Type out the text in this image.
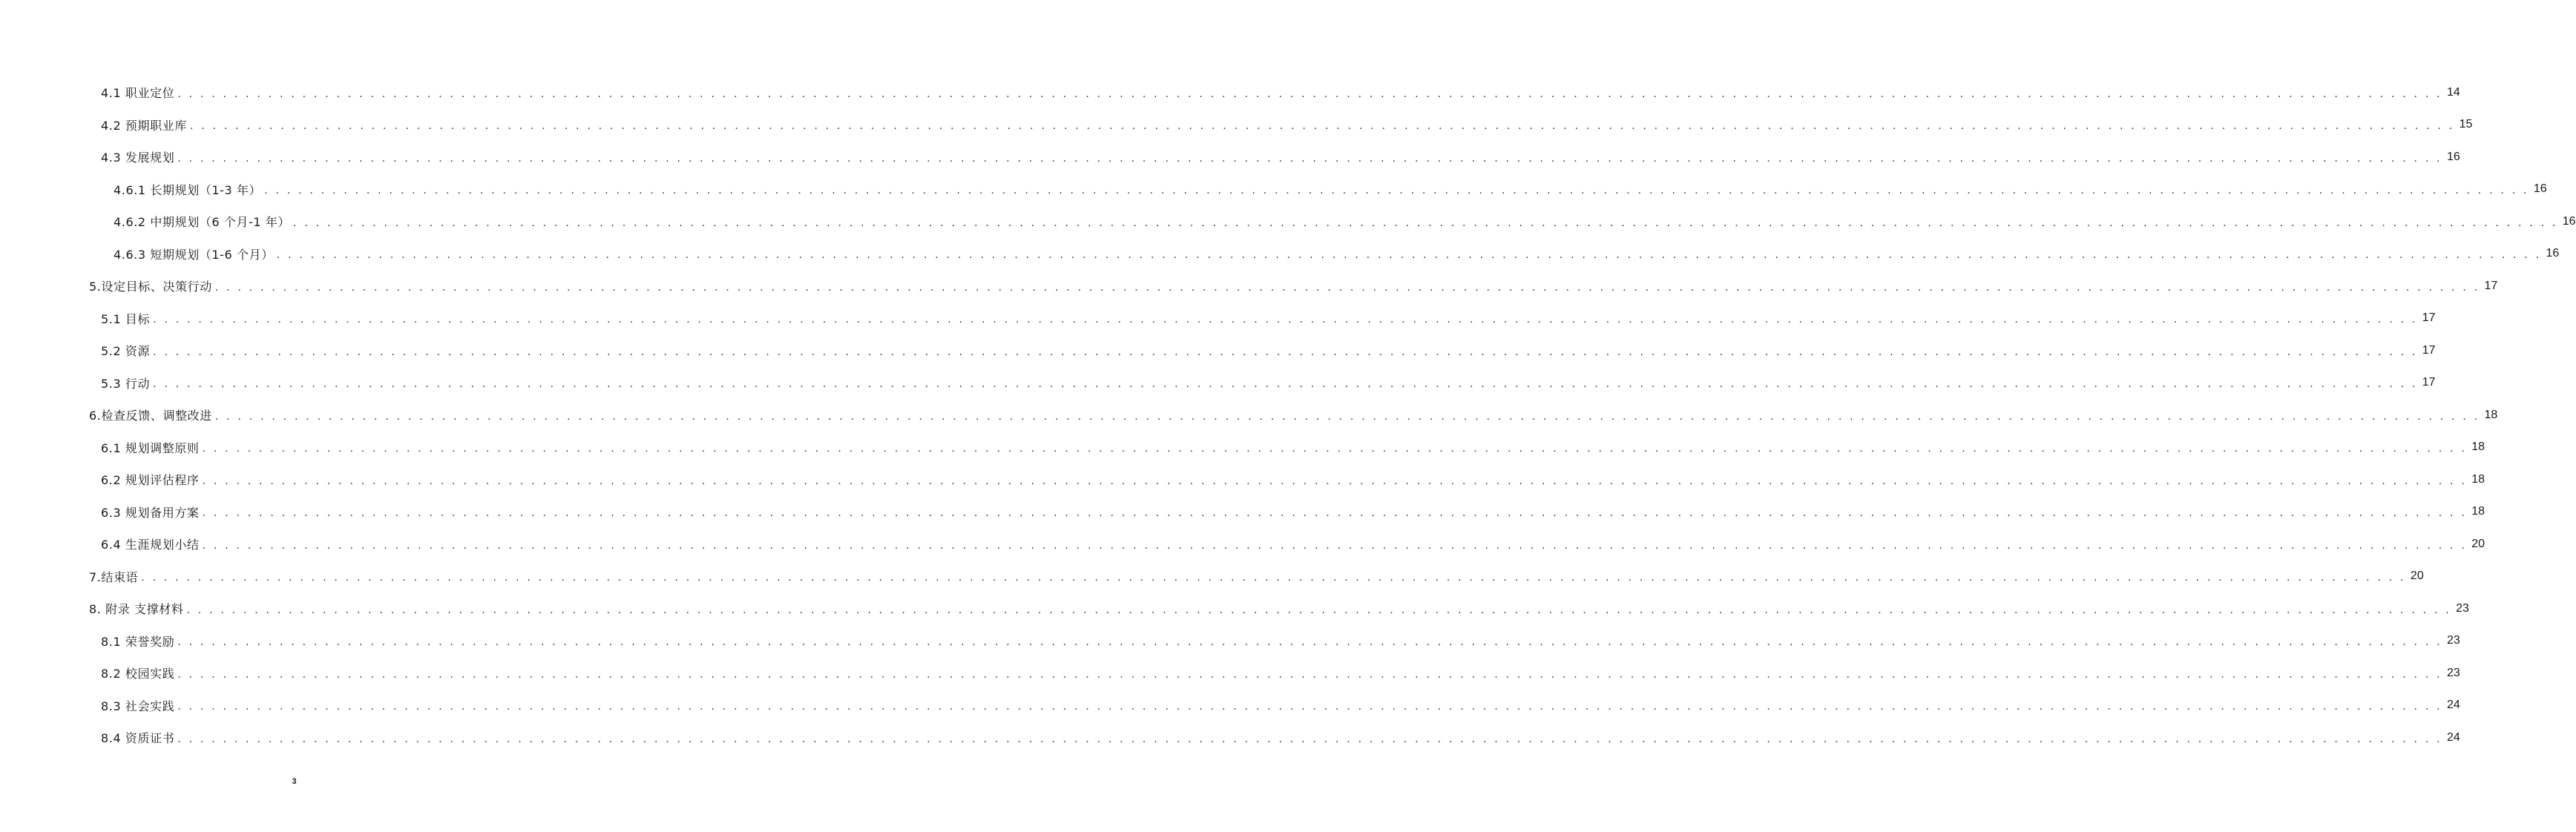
4.1 职业定位 . . . . . . . . . . . . . . . . . . . . . . . . . . . . . . . . . . . . . . . . . . . . . . . . . . . . . . . . . . . . . . . . . . . . . . . . . . . . . . . . . . . . . . . . . . . . . . . . . . . . . . . . . . . . . . . . . . . . . . . . . . . . . . . . . . . . . . . . . . . . . . . . . . . . . . . . . . . . . . . . . . . . . . . . . . . . . . . . . . . . . . . . . . . . . . . . . . . . . . . . 14
4.2 预期职业库 . . . . . . . . . . . . . . . . . . . . . . . . . . . . . . . . . . . . . . . . . . . . . . . . . . . . . . . . . . . . . . . . . . . . . . . . . . . . . . . . . . . . . . . . . . . . . . . . . . . . . . . . . . . . . . . . . . . . . . . . . . . . . . . . . . . . . . . . . . . . . . . . . . . . . . . . . . . . . . . . . . . . . . . . . . . . . . . . . . . . . . . . . . . . . . . . . . . . . . . . 15
4.3 发展规划 . . . . . . . . . . . . . . . . . . . . . . . . . . . . . . . . . . . . . . . . . . . . . . . . . . . . . . . . . . . . . . . . . . . . . . . . . . . . . . . . . . . . . . . . . . . . . . . . . . . . . . . . . . . . . . . . . . . . . . . . . . . . . . . . . . . . . . . . . . . . . . . . . . . . . . . . . . . . . . . . . . . . . . . . . . . . . . . . . . . . . . . . . . . . . . . . . . . . . . . . 16
4.6.1 长期规划（1-3 年） . . . . . . . . . . . . . . . . . . . . . . . . . . . . . . . . . . . . . . . . . . . . . . . . . . . . . . . . . . . . . . . . . . . . . . . . . . . . . . . . . . . . . . . . . . . . . . . . . . . . . . . . . . . . . . . . . . . . . . . . . . . . . . . . . . . . . . . . . . . . . . . . . . . . . . . . . . . . . . . . . . . . . . . . . . . . . . . . . . . . . . . . . . . . . . . . . . . . . . . . 16
4.6.2 中期规划（6 个月-1 年） . . . . . . . . . . . . . . . . . . . . . . . . . . . . . . . . . . . . . . . . . . . . . . . . . . . . . . . . . . . . . . . . . . . . . . . . . . . . . . . . . . . . . . . . . . . . . . . . . . . . . . . . . . . . . . . . . . . . . . . . . . . . . . . . . . . . . . . . . . . . . . . . . . . . . . . . . . . . . . . . . . . . . . . . . . . . . . . . . . . . . . . . . . . . . . . . . . . . . . . . 16
4.6.3 短期规划（1-6 个月） . . . . . . . . . . . . . . . . . . . . . . . . . . . . . . . . . . . . . . . . . . . . . . . . . . . . . . . . . . . . . . . . . . . . . . . . . . . . . . . . . . . . . . . . . . . . . . . . . . . . . . . . . . . . . . . . . . . . . . . . . . . . . . . . . . . . . . . . . . . . . . . . . . . . . . . . . . . . . . . . . . . . . . . . . . . . . . . . . . . . . . . . . . . . . . . . . . . . . . . . 16
5.设定目标、决策行动 . . . . . . . . . . . . . . . . . . . . . . . . . . . . . . . . . . . . . . . . . . . . . . . . . . . . . . . . . . . . . . . . . . . . . . . . . . . . . . . . . . . . . . . . . . . . . . . . . . . . . . . . . . . . . . . . . . . . . . . . . . . . . . . . . . . . . . . . . . . . . . . . . . . . . . . . . . . . . . . . . . . . . . . . . . . . . . . . . . . . . . . . . . . . . . . . . . . . . . . . 17
5.1 目标 . . . . . . . . . . . . . . . . . . . . . . . . . . . . . . . . . . . . . . . . . . . . . . . . . . . . . . . . . . . . . . . . . . . . . . . . . . . . . . . . . . . . . . . . . . . . . . . . . . . . . . . . . . . . . . . . . . . . . . . . . . . . . . . . . . . . . . . . . . . . . . . . . . . . . . . . . . . . . . . . . . . . . . . . . . . . . . . . . . . . . . . . . . . . . . . . . . . . . . . . 17
5.2 资源 . . . . . . . . . . . . . . . . . . . . . . . . . . . . . . . . . . . . . . . . . . . . . . . . . . . . . . . . . . . . . . . . . . . . . . . . . . . . . . . . . . . . . . . . . . . . . . . . . . . . . . . . . . . . . . . . . . . . . . . . . . . . . . . . . . . . . . . . . . . . . . . . . . . . . . . . . . . . . . . . . . . . . . . . . . . . . . . . . . . . . . . . . . . . . . . . . . . . . . . . 17
5.3 行动 . . . . . . . . . . . . . . . . . . . . . . . . . . . . . . . . . . . . . . . . . . . . . . . . . . . . . . . . . . . . . . . . . . . . . . . . . . . . . . . . . . . . . . . . . . . . . . . . . . . . . . . . . . . . . . . . . . . . . . . . . . . . . . . . . . . . . . . . . . . . . . . . . . . . . . . . . . . . . . . . . . . . . . . . . . . . . . . . . . . . . . . . . . . . . . . . . . . . . . . . 17
6.检查反馈、调整改进 . . . . . . . . . . . . . . . . . . . . . . . . . . . . . . . . . . . . . . . . . . . . . . . . . . . . . . . . . . . . . . . . . . . . . . . . . . . . . . . . . . . . . . . . . . . . . . . . . . . . . . . . . . . . . . . . . . . . . . . . . . . . . . . . . . . . . . . . . . . . . . . . . . . . . . . . . . . . . . . . . . . . . . . . . . . . . . . . . . . . . . . . . . . . . . . . . . . . . . . . 18
6.1 规划调整原则 . . . . . . . . . . . . . . . . . . . . . . . . . . . . . . . . . . . . . . . . . . . . . . . . . . . . . . . . . . . . . . . . . . . . . . . . . . . . . . . . . . . . . . . . . . . . . . . . . . . . . . . . . . . . . . . . . . . . . . . . . . . . . . . . . . . . . . . . . . . . . . . . . . . . . . . . . . . . . . . . . . . . . . . . . . . . . . . . . . . . . . . . . . . . . . . . . . . . . . . . 18
6.2 规划评估程序 . . . . . . . . . . . . . . . . . . . . . . . . . . . . . . . . . . . . . . . . . . . . . . . . . . . . . . . . . . . . . . . . . . . . . . . . . . . . . . . . . . . . . . . . . . . . . . . . . . . . . . . . . . . . . . . . . . . . . . . . . . . . . . . . . . . . . . . . . . . . . . . . . . . . . . . . . . . . . . . . . . . . . . . . . . . . . . . . . . . . . . . . . . . . . . . . . . . . . . . . 18
6.3 规划备用方案 . . . . . . . . . . . . . . . . . . . . . . . . . . . . . . . . . . . . . . . . . . . . . . . . . . . . . . . . . . . . . . . . . . . . . . . . . . . . . . . . . . . . . . . . . . . . . . . . . . . . . . . . . . . . . . . . . . . . . . . . . . . . . . . . . . . . . . . . . . . . . . . . . . . . . . . . . . . . . . . . . . . . . . . . . . . . . . . . . . . . . . . . . . . . . . . . . . . . . . . . 18
6.4 生涯规划小结 . . . . . . . . . . . . . . . . . . . . . . . . . . . . . . . . . . . . . . . . . . . . . . . . . . . . . . . . . . . . . . . . . . . . . . . . . . . . . . . . . . . . . . . . . . . . . . . . . . . . . . . . . . . . . . . . . . . . . . . . . . . . . . . . . . . . . . . . . . . . . . . . . . . . . . . . . . . . . . . . . . . . . . . . . . . . . . . . . . . . . . . . . . . . . . . . . . . . . . . . 20
7.结束语 . . . . . . . . . . . . . . . . . . . . . . . . . . . . . . . . . . . . . . . . . . . . . . . . . . . . . . . . . . . . . . . . . . . . . . . . . . . . . . . . . . . . . . . . . . . . . . . . . . . . . . . . . . . . . . . . . . . . . . . . . . . . . . . . . . . . . . . . . . . . . . . . . . . . . . . . . . . . . . . . . . . . . . . . . . . . . . . . . . . . . . . . . . . . . . . . . . . . . . . . 20
8. 附录 支撑材料 . . . . . . . . . . . . . . . . . . . . . . . . . . . . . . . . . . . . . . . . . . . . . . . . . . . . . . . . . . . . . . . . . . . . . . . . . . . . . . . . . . . . . . . . . . . . . . . . . . . . . . . . . . . . . . . . . . . . . . . . . . . . . . . . . . . . . . . . . . . . . . . . . . . . . . . . . . . . . . . . . . . . . . . . . . . . . . . . . . . . . . . . . . . . . . . . . . . . . . . . 23
8.1 荣誉奖励 . . . . . . . . . . . . . . . . . . . . . . . . . . . . . . . . . . . . . . . . . . . . . . . . . . . . . . . . . . . . . . . . . . . . . . . . . . . . . . . . . . . . . . . . . . . . . . . . . . . . . . . . . . . . . . . . . . . . . . . . . . . . . . . . . . . . . . . . . . . . . . . . . . . . . . . . . . . . . . . . . . . . . . . . . . . . . . . . . . . . . . . . . . . . . . . . . . . . . . . . 23
8.2 校园实践 . . . . . . . . . . . . . . . . . . . . . . . . . . . . . . . . . . . . . . . . . . . . . . . . . . . . . . . . . . . . . . . . . . . . . . . . . . . . . . . . . . . . . . . . . . . . . . . . . . . . . . . . . . . . . . . . . . . . . . . . . . . . . . . . . . . . . . . . . . . . . . . . . . . . . . . . . . . . . . . . . . . . . . . . . . . . . . . . . . . . . . . . . . . . . . . . . . . . . . . . 23
8.3 社会实践 . . . . . . . . . . . . . . . . . . . . . . . . . . . . . . . . . . . . . . . . . . . . . . . . . . . . . . . . . . . . . . . . . . . . . . . . . . . . . . . . . . . . . . . . . . . . . . . . . . . . . . . . . . . . . . . . . . . . . . . . . . . . . . . . . . . . . . . . . . . . . . . . . . . . . . . . . . . . . . . . . . . . . . . . . . . . . . . . . . . . . . . . . . . . . . . . . . . . . . . . 24
8.4 资质证书 . . . . . . . . . . . . . . . . . . . . . . . . . . . . . . . . . . . . . . . . . . . . . . . . . . . . . . . . . . . . . . . . . . . . . . . . . . . . . . . . . . . . . . . . . . . . . . . . . . . . . . . . . . . . . . . . . . . . . . . . . . . . . . . . . . . . . . . . . . . . . . . . . . . . . . . . . . . . . . . . . . . . . . . . . . . . . . . . . . . . . . . . . . . . . . . . . . . . . . . . 24
3
